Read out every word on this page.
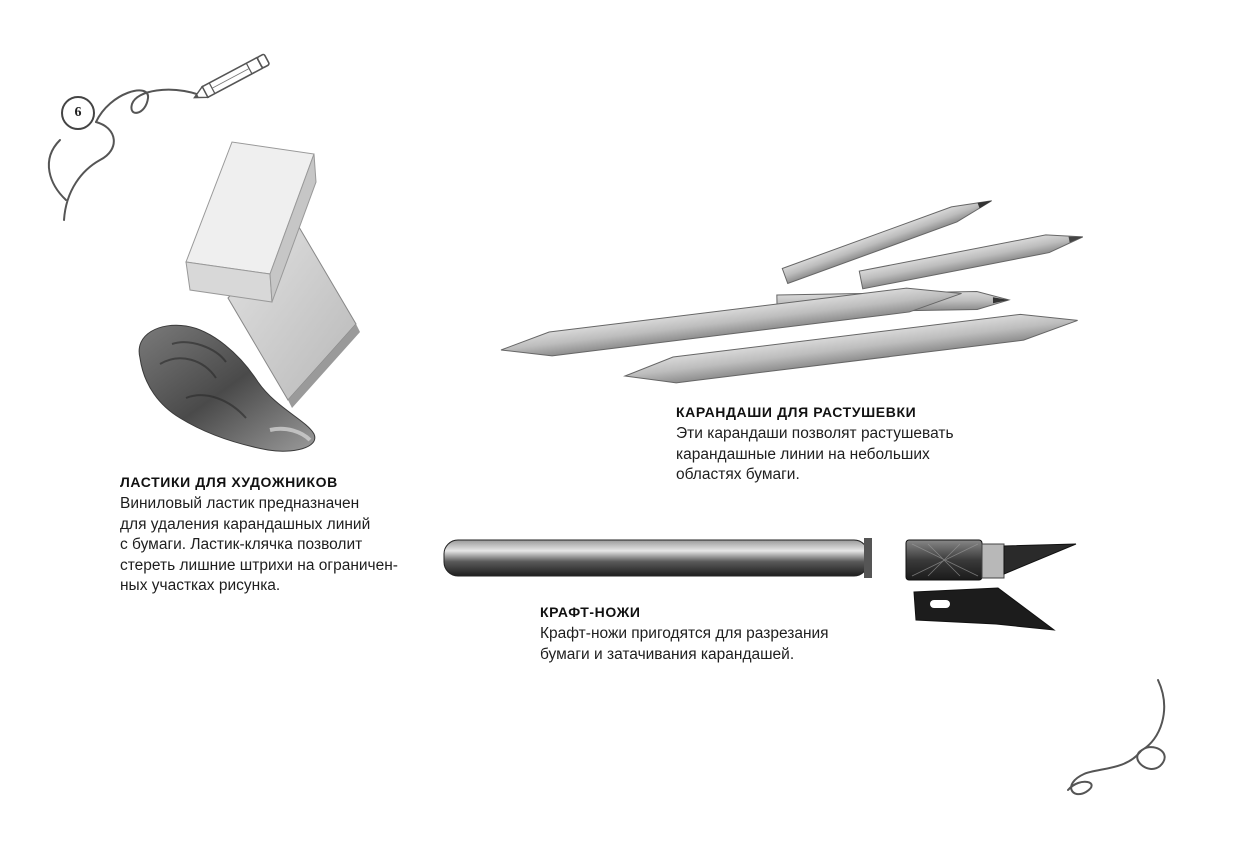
6
ЛАСТИКИ ДЛЯ ХУДОЖНИКОВ

Виниловый ластик предназначен
для удаления карандашных линий
с бумаги. Ластик-клячка позволит
стереть лишние штрихи на ограничен-
ных участках рисунка.

КАРАНДАШИ ДЛЯ РАСТУШЕВКИ

Эти карандаши позволят растушевать
карандашные линии на небольших
областях бумаги.

КРАФТ-НОЖИ

Крафт-ножи пригодятся для разрезания
бумаги и затачивания карандашей.
